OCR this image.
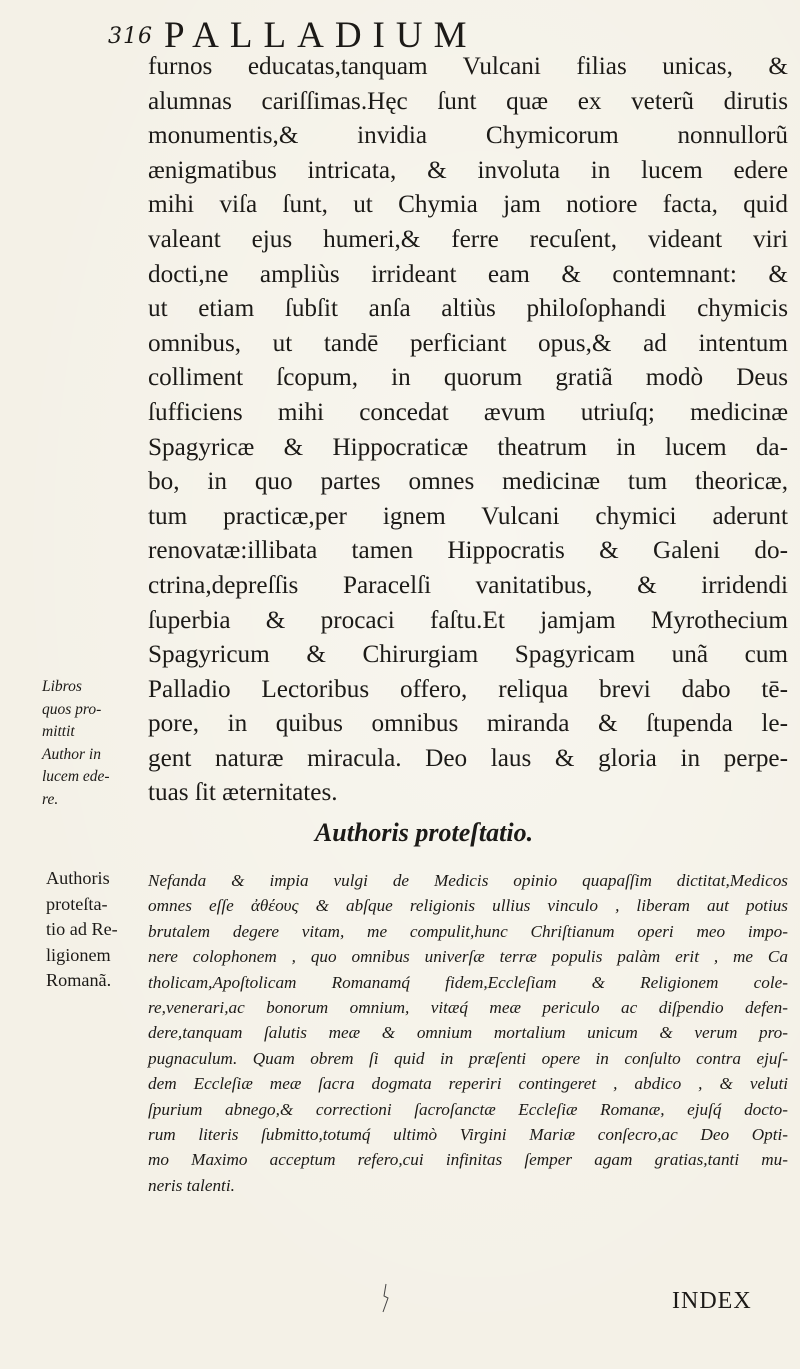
316 PALLADIUM
furnos educatas,tanquam Vulcani filias unicas, &
alumnas cariſſimas.Hęc ſunt quæ ex veterũ dirutis
monumentis,& invidia Chymicorum nonnullorũ
ænigmatibus intricata, & involuta in lucem edere
mihi viſa ſunt, ut Chymia jam notiore facta, quid
valeant ejus humeri,& ferre recuſent, videant viri
docti,ne ampliùs irrideant eam & contemnant: &
ut etiam ſubſit anſa altiùs philoſophandi chymicis
omnibus, ut tandē perficiant opus,& ad intentum
colliment ſcopum, in quorum gratiã modò Deus
ſufficiens mihi concedat ævum utriuſq; medicinæ
Spagyricæ & Hippocraticæ theatrum in lucem da-
bo, in quo partes omnes medicinæ tum theoricæ,
tum practicæ,per ignem Vulcani chymici aderunt
renovatæ:illibata tamen Hippocratis & Galeni do-
ctrina,depreſſis Paracelſi vanitatibus, & irridendi
ſuperbia & procaci faſtu.Et jamjam Myrothecium
Spagyricum & Chirurgiam Spagyricam unã cum
Palladio Lectoribus offero, reliqua brevi dabo tē-
pore, in quibus omnibus miranda & ſtupenda le-
gent naturæ miracula. Deo laus & gloria in perpe-
tuas ſit æternitates.
Libros
quos pro-
mittit
Author in
lucem ede-
re.
Authoris proteſtatio.
Authoris
proteſta-
tio ad Re-
ligionem
Romanã.
Nefanda & impia vulgi de Medicis opinio quapaſſim dictitat,Medicos
omnes eſſe ἀθέους & abſque religionis ullius vinculo , liberam aut potius
brutalem degere vitam, me compulit,hunc Chriſtianum operi meo impo-
nere colophonem , quo omnibus univerſæ terræ populis palàm erit , me Ca
tholicam,Apoſtolicam Romanamq́ fidem,Eccleſiam & Religionem cole-
re,venerari,ac bonorum omnium, vitæq́ meæ periculo ac diſpendio defen-
dere,tanquam ſalutis meæ & omnium mortalium unicum & verum pro-
pugnaculum. Quam obrem ſi quid in præſenti opere in conſulto contra ejuſ-
dem Eccleſiæ meæ ſacra dogmata reperiri contingeret , abdico , & veluti
ſpurium abnego,& correctioni ſacroſanctæ Eccleſiæ Romanæ, ejuſq́ docto-
rum literis ſubmitto,totumq́ ultimò Virgini Mariæ conſecro,ac Deo Opti-
mo Maximo acceptum refero,cui infinitas ſemper agam gratias,tanti mu-
neris talenti.
INDEX
